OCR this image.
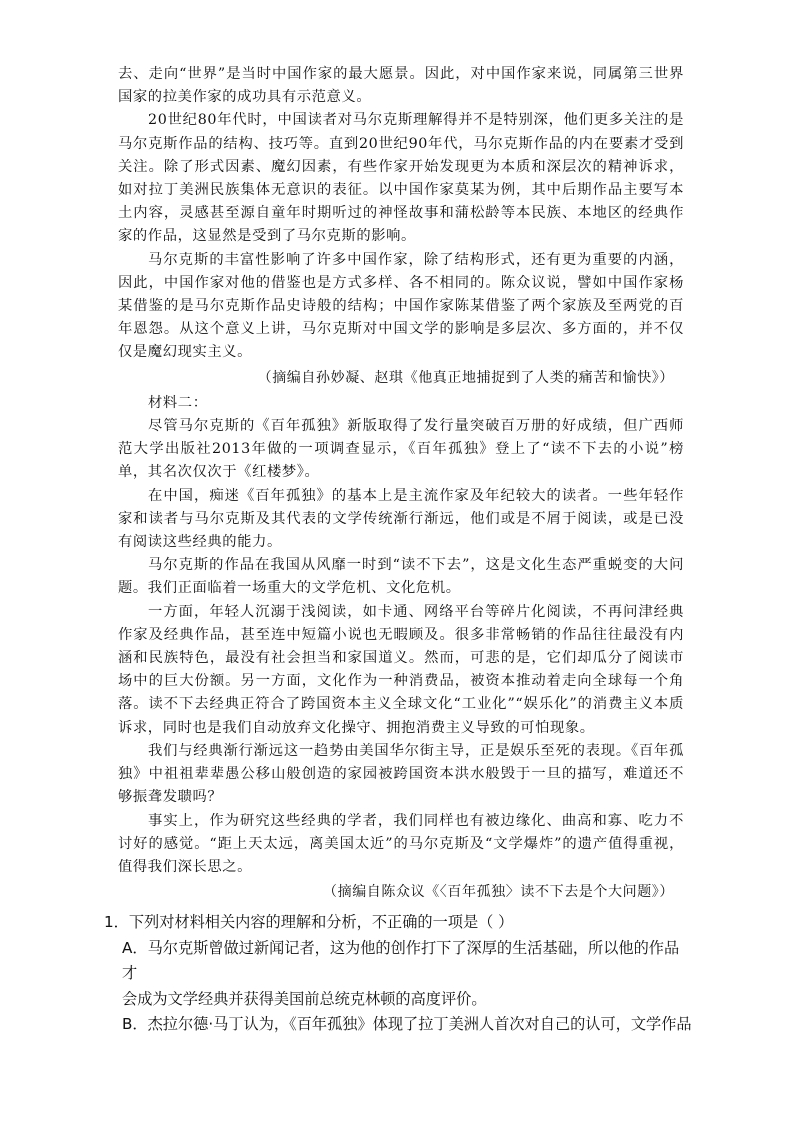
去、走向“世界”是当时中国作家的最大愿景。因此，对中国作家来说，同属第三世界国家的拉美作家的成功具有示范意义。

20世纪80年代时，中国读者对马尔克斯理解得并不是特别深，他们更多关注的是马尔克斯作品的结构、技巧等。直到20世纪90年代，马尔克斯作品的内在要素才受到关注。除了形式因素、魔幻因素，有些作家开始发现更为本质和深层次的精神诉求，如对拉丁美洲民族集体无意识的表征。以中国作家莫某为例，其中后期作品主要写本土内容，灵感甚至源自童年时期听过的神怪故事和蒲松龄等本民族、本地区的经典作家的作品，这显然是受到了马尔克斯的影响。

马尔克斯的丰富性影响了许多中国作家，除了结构形式，还有更为重要的内涵，因此，中国作家对他的借鉴也是方式多样、各不相同的。陈众议说，譬如中国作家杨某借鉴的是马尔克斯作品史诗般的结构；中国作家陈某借鉴了两个家族及至两党的百年恩怨。从这个意义上讲，马尔克斯对中国文学的影响是多层次、多方面的，并不仅仅是魔幻现实主义。

（摘编自孙妙凝、赵琪《他真正地捕捉到了人类的痛苦和愉快》）

材料二：

尽管马尔克斯的《百年孤独》新版取得了发行量突破百万册的好成绩，但广西师范大学出版社2013年做的一项调查显示，《百年孤独》登上了“读不下去的小说”榜单，其名次仅次于《红楼梦》。

在中国，痴迷《百年孤独》的基本上是主流作家及年纪较大的读者。一些年轻作家和读者与马尔克斯及其代表的文学传统渐行渐远，他们或是不屑于阅读，或是已没有阅读这些经典的能力。

马尔克斯的作品在我国从风靡一时到“读不下去”，这是文化生态严重蜕变的大问题。我们正面临着一场重大的文学危机、文化危机。

一方面，年轻人沉溺于浅阅读，如卡通、网络平台等碎片化阅读，不再问津经典作家及经典作品，甚至连中短篇小说也无暇顾及。很多非常畅销的作品往往最没有内涵和民族特色，最没有社会担当和家国道义。然而，可悲的是，它们却瓜分了阅读市场中的巨大份额。另一方面，文化作为一种消费品，被资本推动着走向全球每一个角落。读不下去经典正符合了跨国资本主义全球文化“工业化”“娱乐化”的消费主义本质诉求，同时也是我们自动放弃文化操守、拥抱消费主义导致的可怕现象。

我们与经典渐行渐远这一趋势由美国华尔街主导，正是娱乐至死的表现。《百年孤独》中祖祖辈辈愚公移山般创造的家园被跨国资本洪水般毁于一旦的描写，难道还不够振聋发聩吗？

事实上，作为研究这些经典的学者，我们同样也有被边缘化、曲高和寡、吃力不讨好的感觉。“距上天太远，离美国太近”的马尔克斯及“文学爆炸”的遗产值得重视，值得我们深长思之。

（摘编自陈众议《〈百年孤独〉读不下去是个大问题》）

1．下列对材料相关内容的理解和分析，不正确的一项是（ ）

A．马尔克斯曾做过新闻记者，这为他的创作打下了深厚的生活基础，所以他的作品才

会成为文学经典并获得美国前总统克林顿的高度评价。

B．杰拉尔德·马丁认为，《百年孤独》体现了拉丁美洲人首次对自己的认可，文学作品
